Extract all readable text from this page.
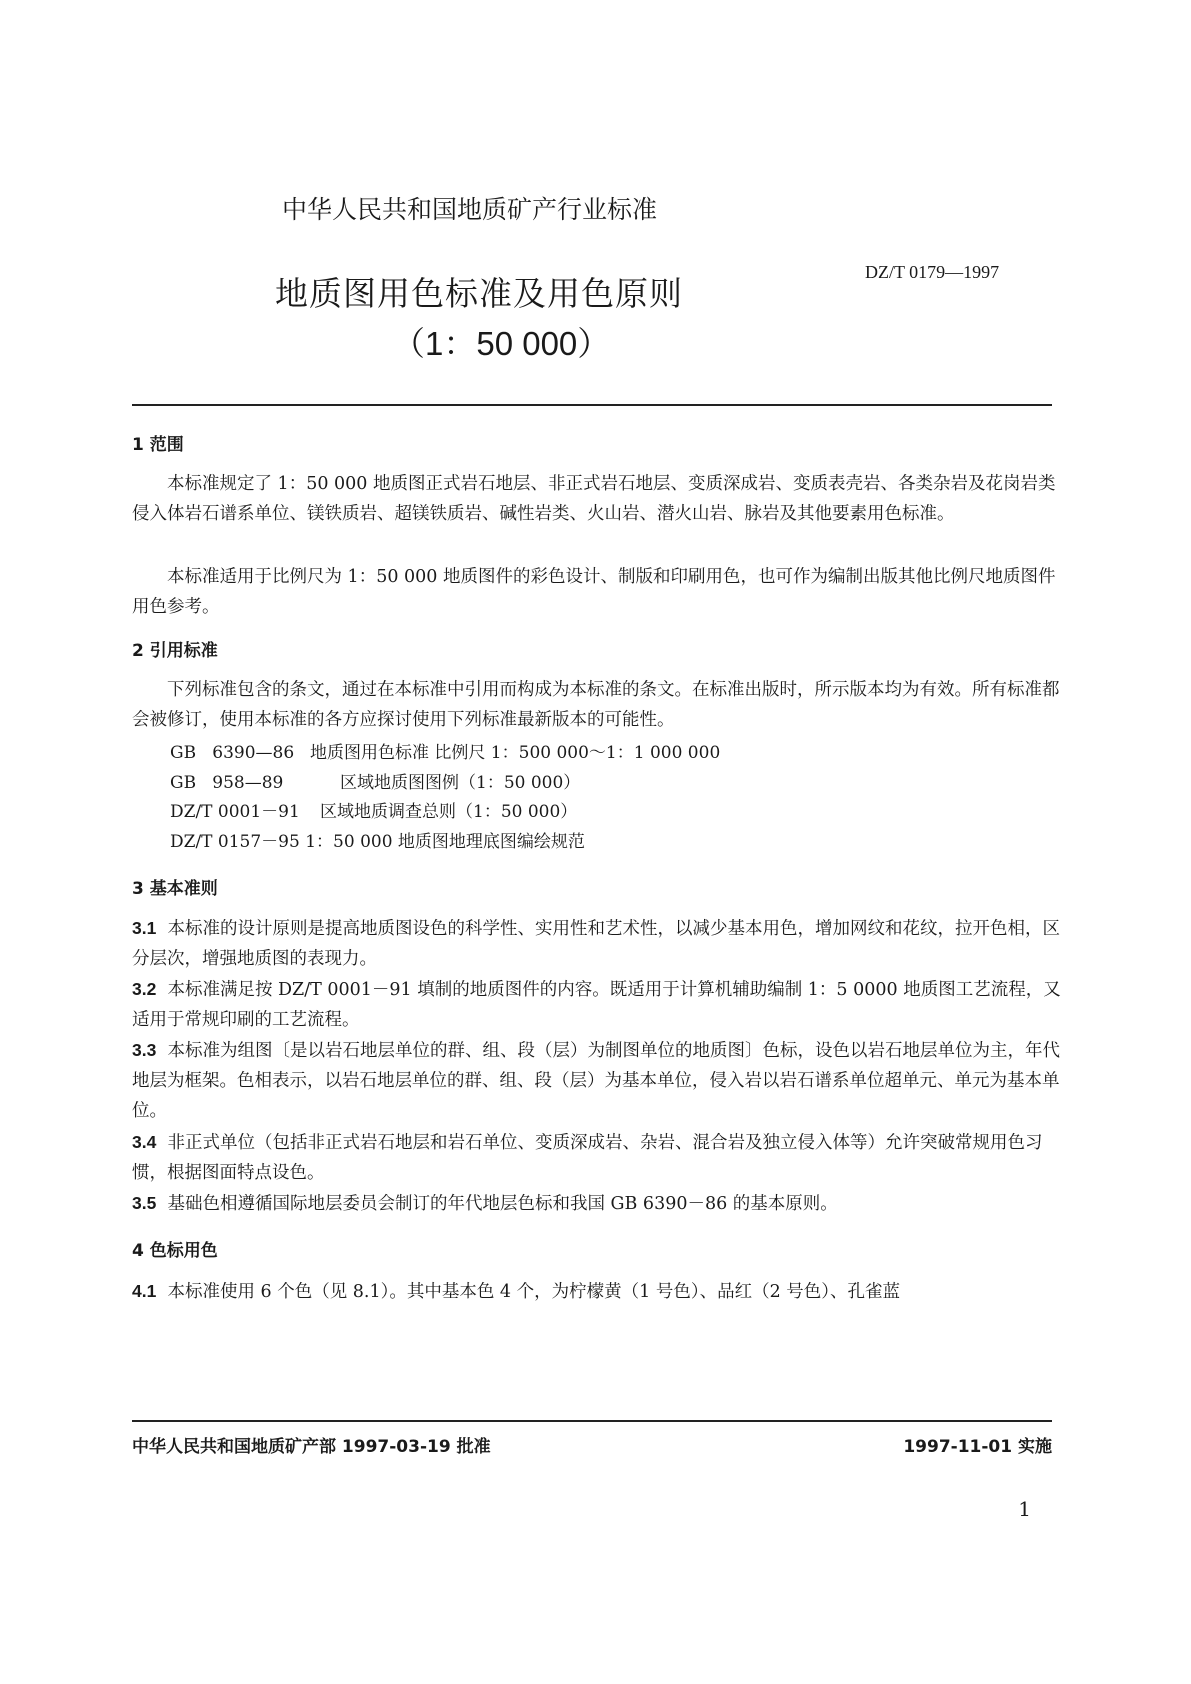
中华人民共和国地质矿产行业标准
DZ/T 0179—1997
地质图用色标准及用色原则
（1：50 000）
1 范围
本标准规定了 1：50 000 地质图正式岩石地层、非正式岩石地层、变质深成岩、变质表壳岩、各类杂岩及花岗岩类侵入体岩石谱系单位、镁铁质岩、超镁铁质岩、碱性岩类、火山岩、潜火山岩、脉岩及其他要素用色标准。
本标准适用于比例尺为 1：50 000 地质图件的彩色设计、制版和印刷用色，也可作为编制出版其他比例尺地质图件用色参考。
2 引用标准
下列标准包含的条文，通过在本标准中引用而构成为本标准的条文。在标准出版时，所示版本均为有效。所有标准都会被修订，使用本标准的各方应探讨使用下列标准最新版本的可能性。
GB   6390—86 地质图用色标准 比例尺 1：500 000～1：1 000 000
GB   958—89	区域地质图图例（1：50 000）
DZ/T 0001－91 区域地质调查总则（1：50 000）
DZ/T 0157－95 1：50 000 地质图地理底图编绘规范
3 基本准则
3.1 本标准的设计原则是提高地质图设色的科学性、实用性和艺术性，以减少基本用色，增加网纹和花纹，拉开色相，区分层次，增强地质图的表现力。
3.2 本标准满足按 DZ/T 0001－91 填制的地质图件的内容。既适用于计算机辅助编制 1：5 0000 地质图工艺流程，又适用于常规印刷的工艺流程。
3.3 本标准为组图〔是以岩石地层单位的群、组、段（层）为制图单位的地质图〕色标，设色以岩石地层单位为主，年代地层为框架。色相表示，以岩石地层单位的群、组、段（层）为基本单位，侵入岩以岩石谱系单位超单元、单元为基本单位。
3.4 非正式单位（包括非正式岩石地层和岩石单位、变质深成岩、杂岩、混合岩及独立侵入体等）允许突破常规用色习惯，根据图面特点设色。
3.5 基础色相遵循国际地层委员会制订的年代地层色标和我国 GB 6390－86 的基本原则。
4 色标用色
4.1 本标准使用 6 个色（见 8.1）。其中基本色 4 个，为柠檬黄（1 号色）、品红（2 号色）、孔雀蓝
中华人民共和国地质矿产部 1997-03-19 批准	1997-11-01 实施
1
